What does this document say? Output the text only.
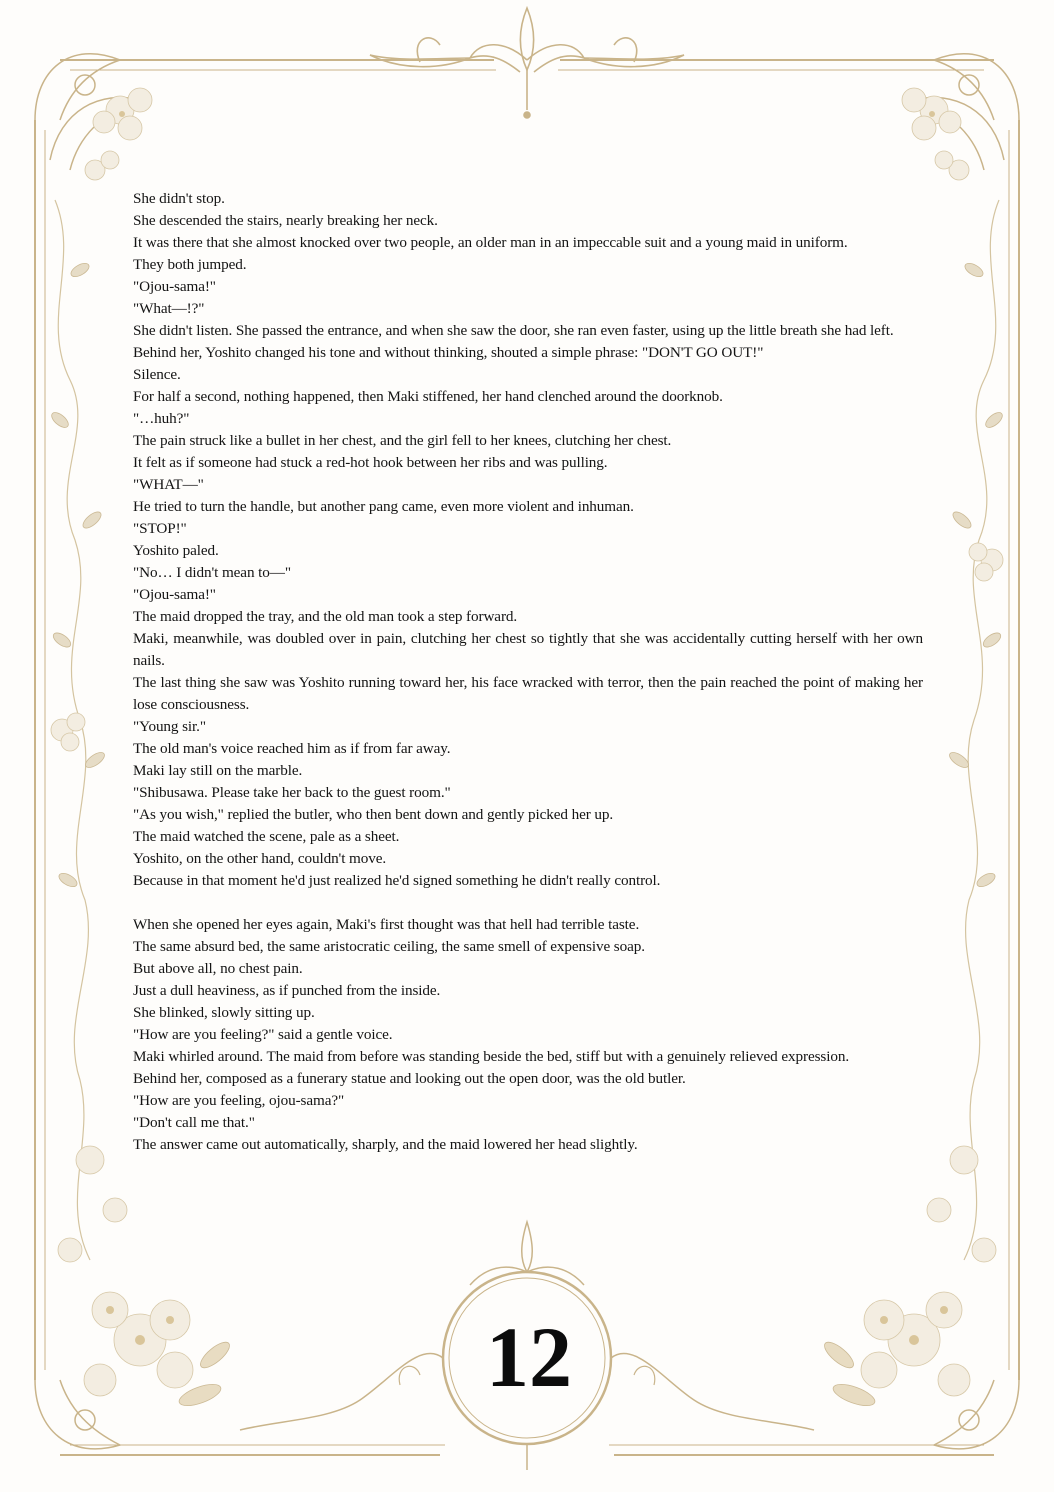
She didn't stop.

She descended the stairs, nearly breaking her neck.

It was there that she almost knocked over two people, an older man in an impeccable suit and a young maid in uniform.

They both jumped.

"Ojou-sama!"

"What—!?"

She didn't listen. She passed the entrance, and when she saw the door, she ran even faster, using up the little breath she had left.

Behind her, Yoshito changed his tone and without thinking, shouted a simple phrase: "DON'T GO OUT!"

Silence.

For half a second, nothing happened, then Maki stiffened, her hand clenched around the doorknob.

"…huh?"

The pain struck like a bullet in her chest, and the girl fell to her knees, clutching her chest.

It felt as if someone had stuck a red-hot hook between her ribs and was pulling.

"WHAT—"

He tried to turn the handle, but another pang came, even more violent and inhuman.

"STOP!"

Yoshito paled.

"No… I didn't mean to—"

"Ojou-sama!"

The maid dropped the tray, and the old man took a step forward.

Maki, meanwhile, was doubled over in pain, clutching her chest so tightly that she was accidentally cutting herself with her own nails.

The last thing she saw was Yoshito running toward her, his face wracked with terror, then the pain reached the point of making her lose consciousness.

"Young sir."

The old man's voice reached him as if from far away.

Maki lay still on the marble.

"Shibusawa. Please take her back to the guest room."

"As you wish," replied the butler, who then bent down and gently picked her up.

The maid watched the scene, pale as a sheet.

Yoshito, on the other hand, couldn't move.

Because in that moment he'd just realized he'd signed something he didn't really control.

When she opened her eyes again, Maki's first thought was that hell had terrible taste.

The same absurd bed, the same aristocratic ceiling, the same smell of expensive soap.

But above all, no chest pain.

Just a dull heaviness, as if punched from the inside.

She blinked, slowly sitting up.

"How are you feeling?" said a gentle voice.

Maki whirled around. The maid from before was standing beside the bed, stiff but with a genuinely relieved expression.

Behind her, composed as a funerary statue and looking out the open door, was the old butler.

"How are you feeling, ojou-sama?"

"Don't call me that."

The answer came out automatically, sharply, and the maid lowered her head slightly.

12
